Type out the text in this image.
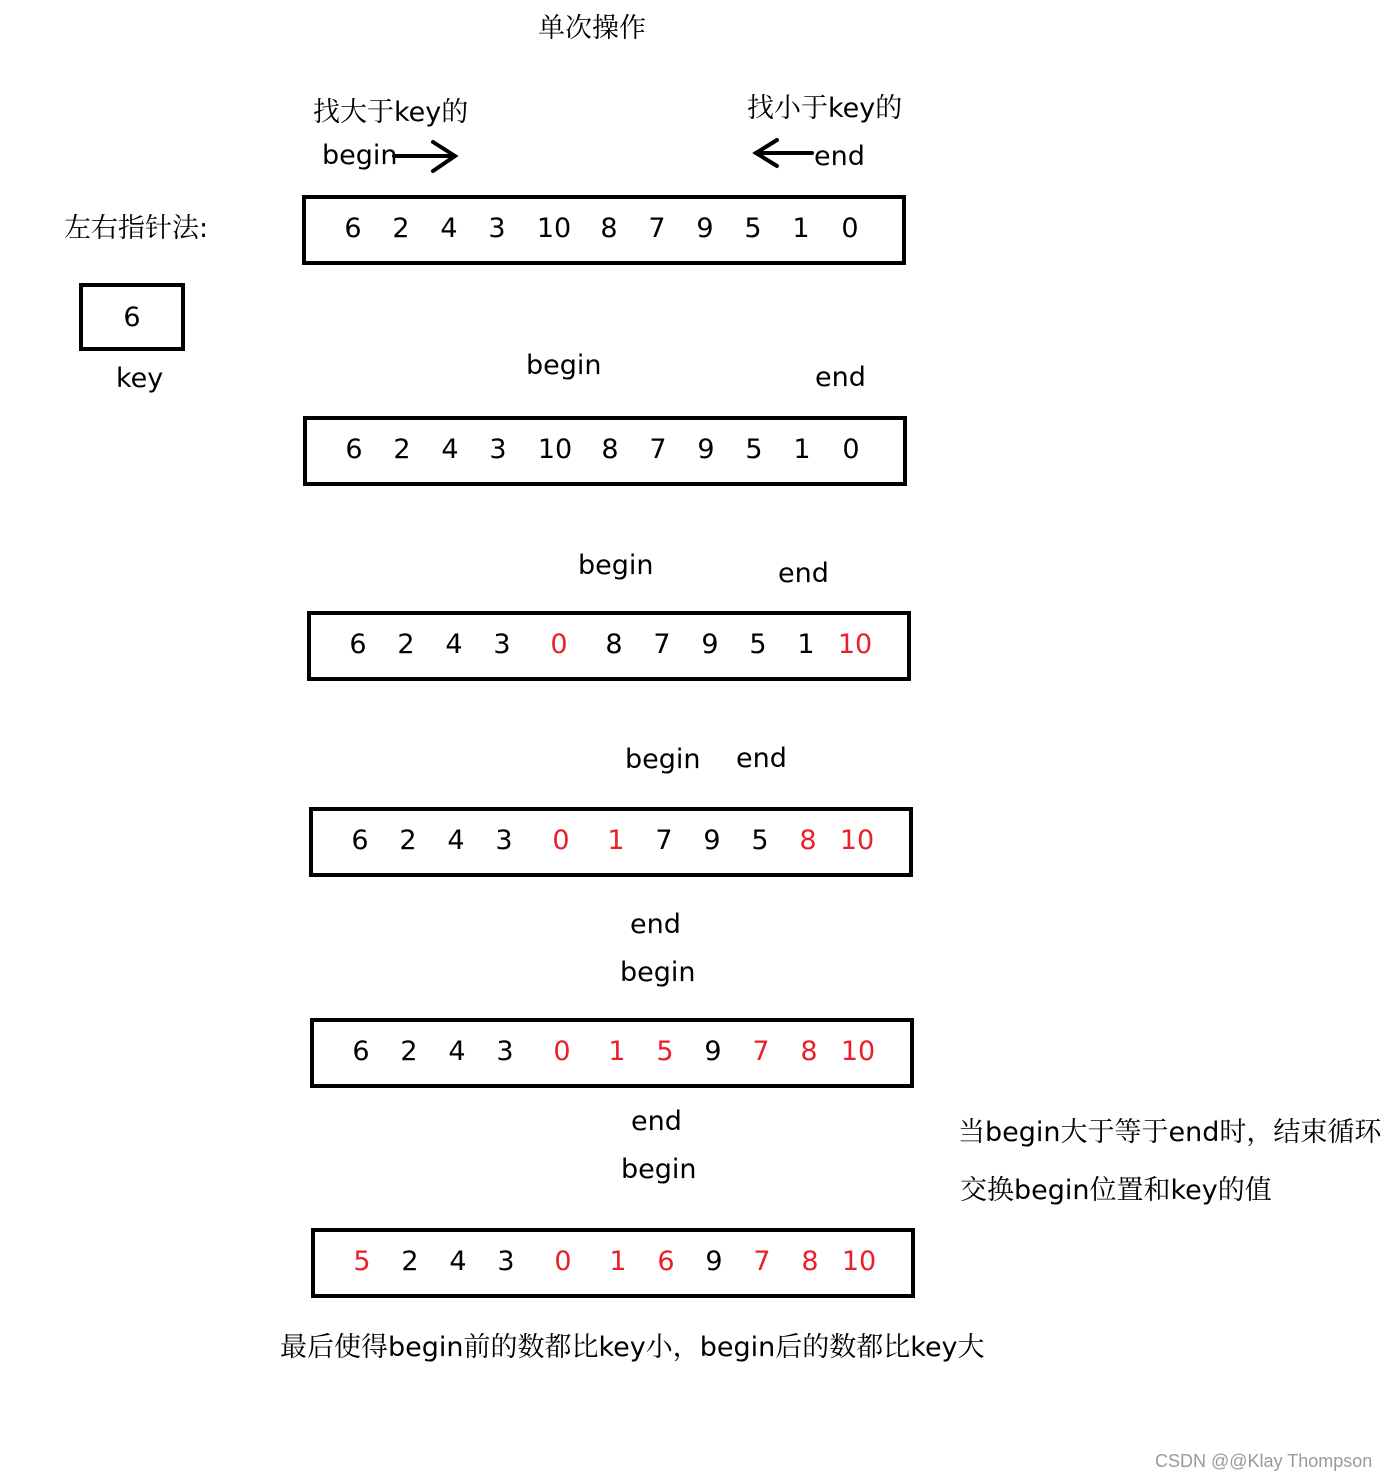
单次操作
左右指针法:
6
key
找大于key的	找小于key的
begin	end
begin	end
begin	end
begin end
end
begin
end
begin
6 2 4 3 10 8 7 9 5 1 0
6 2 4 3 10 8 7 9 5 1 0
6 2 4 3 0 8 7 9 5 1 10
6 2 4 3 0 1 7 9 5 8 10
6 2 4 3 0 1 5 9 7 8 10
5 2 4 3 0 1 6 9 7 8 10
当begin大于等于end时，结束循环
交换begin位置和key的值
最后使得begin前的数都比key小，begin后的数都比key大
CSDN @@Klay Thompson
